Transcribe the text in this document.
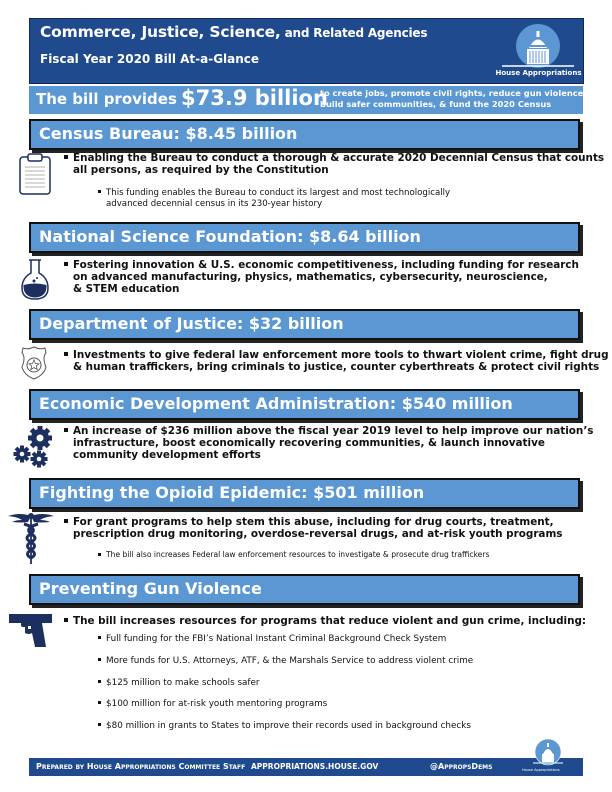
House Appropriations
Commerce, Justice, Science, and Related Agencies
Fiscal Year 2020 Bill At-a-Glance
The bill provides $73.9 billion
to create jobs, promote civil rights, reduce gun violence,
build safer communities, & fund the 2020 Census
Census Bureau: $8.45 billion
Enabling the Bureau to conduct a thorough & accurate 2020 Decennial Census that counts
all persons, as required by the Constitution
This funding enables the Bureau to conduct its largest and most technologically
advanced decennial census in its 230-year history
National Science Foundation: $8.64 billion
Fostering innovation & U.S. economic competitiveness, including funding for research
on advanced manufacturing, physics, mathematics, cybersecurity, neuroscience,
& STEM education
Department of Justice: $32 billion
Investments to give federal law enforcement more tools to thwart violent crime, fight drug
& human traffickers, bring criminals to justice, counter cyberthreats & protect civil rights
Economic Development Administration: $540 million
An increase of $236 million above the fiscal year 2019 level to help improve our nation’s
infrastructure, boost economically recovering communities, & launch innovative
community development efforts
Fighting the Opioid Epidemic: $501 million
For grant programs to help stem this abuse, including for drug courts, treatment,
prescription drug monitoring, overdose-reversal drugs, and at-risk youth programs
The bill also increases Federal law enforcement resources to investigate & prosecute drug traffickers
Preventing Gun Violence
The bill increases resources for programs that reduce violent and gun crime, including:
Full funding for the FBI’s National Instant Criminal Background Check System
More funds for U.S. Attorneys, ATF, & the Marshals Service to address violent crime
$125 million to make schools safer
$100 million for at-risk youth mentoring programs
$80 million in grants to States to improve their records used in background checks
Prepared by House Appropriations Committee Staff APPROPRIATIONS.HOUSE.GOV	@AppropsDems	House Appropriations
